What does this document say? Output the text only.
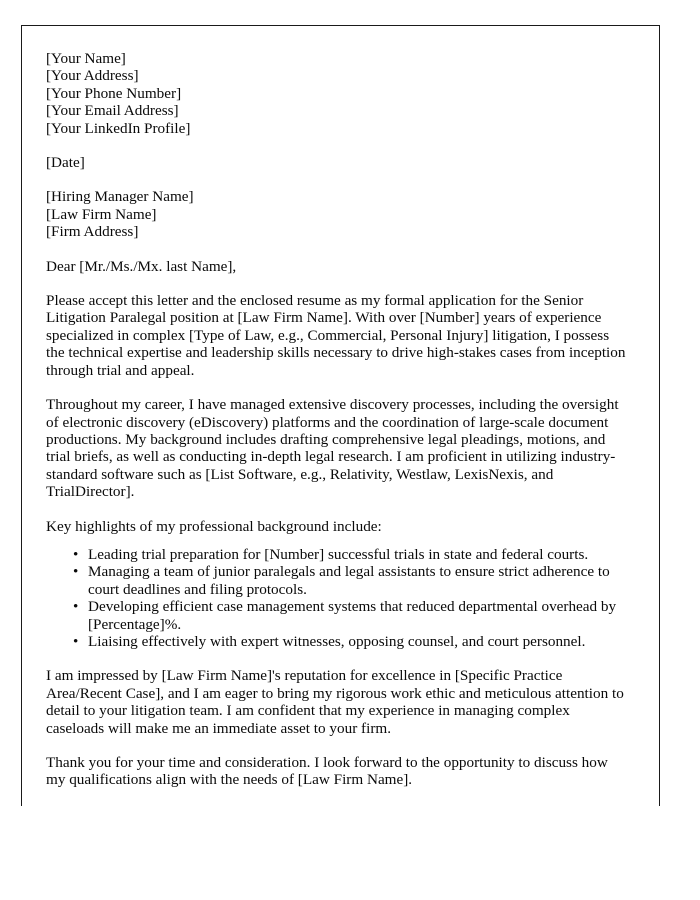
[Your Name]
[Your Address]
[Your Phone Number]
[Your Email Address]
[Your LinkedIn Profile]
[Date]
[Hiring Manager Name]
[Law Firm Name]
[Firm Address]
Dear [Mr./Ms./Mx. last Name],

Please accept this letter and the enclosed resume as my formal application for the Senior Litigation Paralegal position at [Law Firm Name]. With over [Number] years of experience specialized in complex [Type of Law, e.g., Commercial, Personal Injury] litigation, I possess the technical expertise and leadership skills necessary to drive high-stakes cases from inception through trial and appeal.

Throughout my career, I have managed extensive discovery processes, including the oversight of electronic discovery (eDiscovery) platforms and the coordination of large-scale document productions. My background includes drafting comprehensive legal pleadings, motions, and trial briefs, as well as conducting in-depth legal research. I am proficient in utilizing industry-standard software such as [List Software, e.g., Relativity, Westlaw, LexisNexis, and TrialDirector].

Key highlights of my professional background include:

• Leading trial preparation for [Number] successful trials in state and federal courts.
• Managing a team of junior paralegals and legal assistants to ensure strict adherence to court deadlines and filing protocols.
• Developing efficient case management systems that reduced departmental overhead by [Percentage]%.
• Liaising effectively with expert witnesses, opposing counsel, and court personnel.

I am impressed by [Law Firm Name]'s reputation for excellence in [Specific Practice Area/Recent Case], and I am eager to bring my rigorous work ethic and meticulous attention to detail to your litigation team. I am confident that my experience in managing complex caseloads will make me an immediate asset to your firm.

Thank you for your time and consideration. I look forward to the opportunity to discuss how my qualifications align with the needs of [Law Firm Name].
